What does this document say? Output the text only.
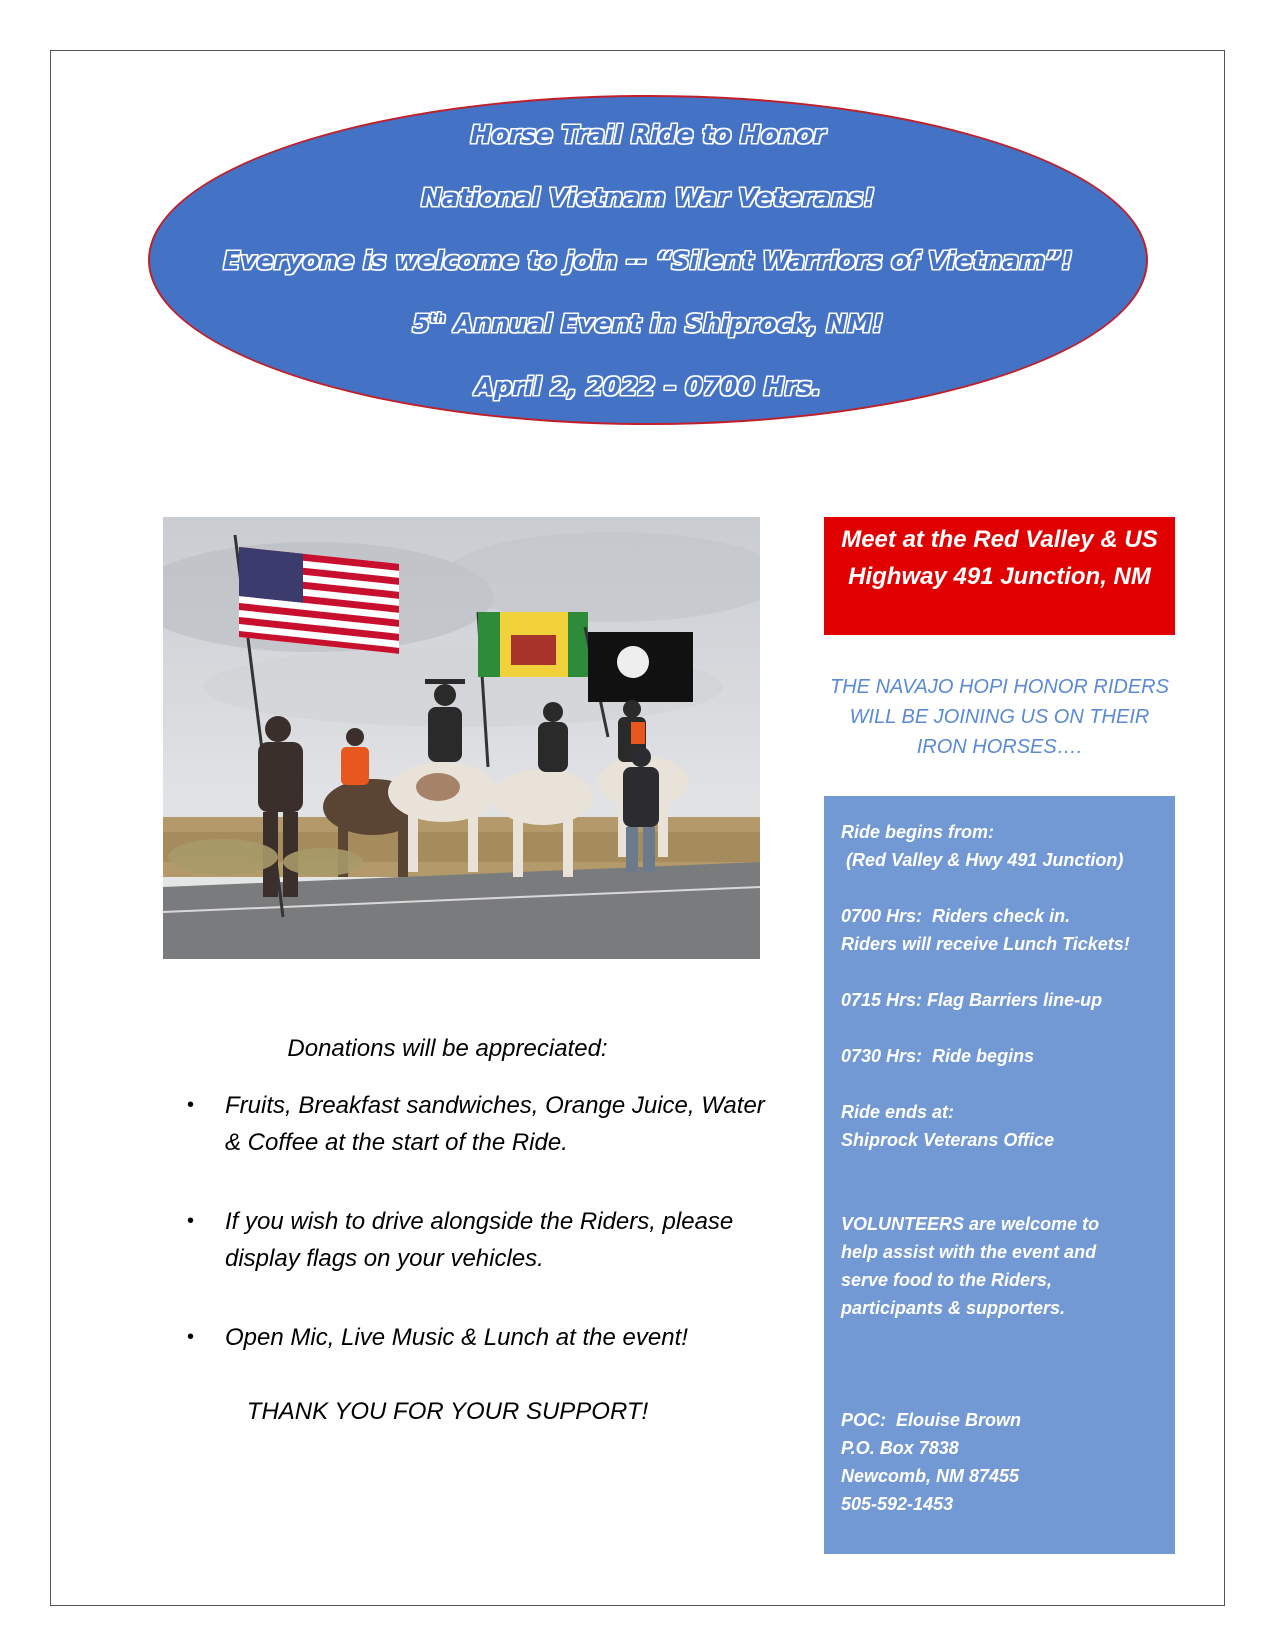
Horse Trail Ride to Honor
National Vietnam War Veterans!
Everyone is welcome to join -- “Silent Warriors of Vietnam”!
5th Annual Event in Shiprock, NM!
April 2, 2022 – 0700 Hrs.
Donations will be appreciated:
• Fruits, Breakfast sandwiches, Orange Juice, Water & Coffee at the start of the Ride.
• If you wish to drive alongside the Riders, please display flags on your vehicles.
• Open Mic, Live Music & Lunch at the event!
THANK YOU FOR YOUR SUPPORT!
Meet at the Red Valley & US Highway 491 Junction, NM
THE NAVAJO HOPI HONOR RIDERS WILL BE JOINING US ON THEIR IRON HORSES….

Ride begins from:

(Red Valley & Hwy 491 Junction)

0700 Hrs:  Riders check in.

Riders will receive Lunch Tickets!

0715 Hrs: Flag Barriers line-up

0730 Hrs:  Ride begins

Ride ends at:

Shiprock Veterans Office

VOLUNTEERS are welcome to

help assist with the event and

serve food to the Riders,

participants & supporters.

POC:  Elouise Brown

P.O. Box 7838

Newcomb, NM 87455

505-592-1453
